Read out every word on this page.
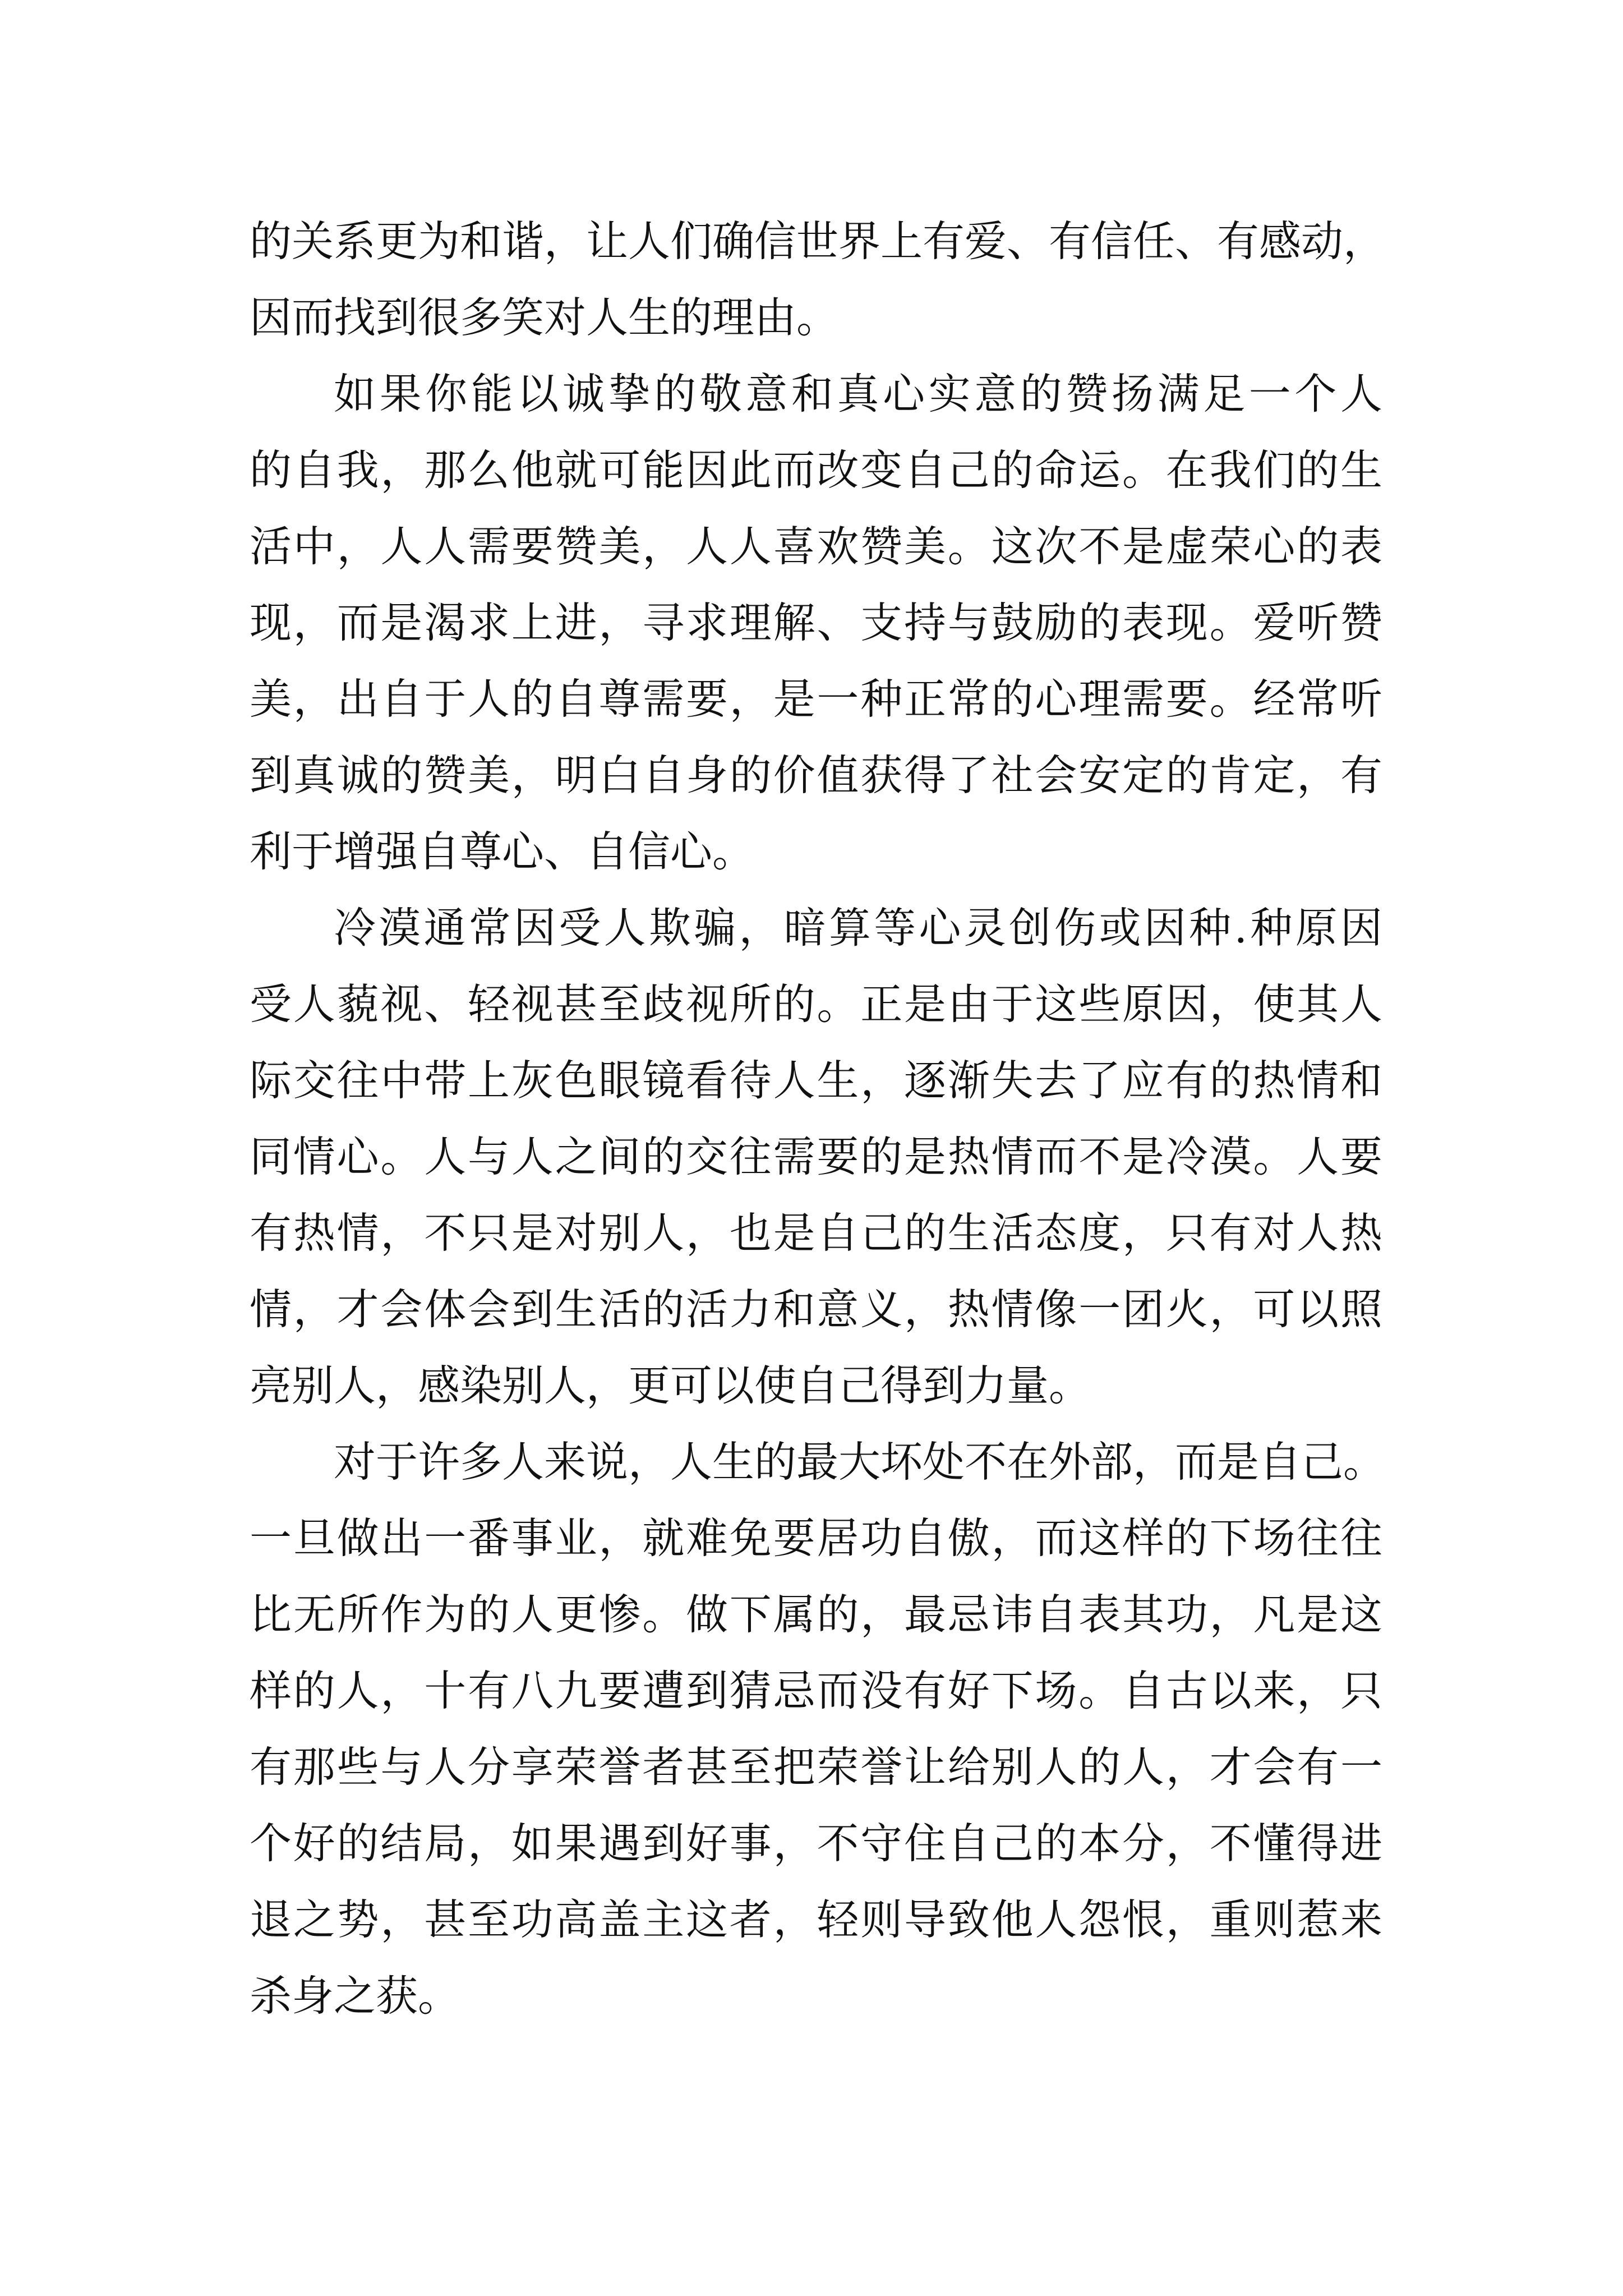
的关系更为和谐，让人们确信世界上有爱、有信任、有感动，
因而找到很多笑对人生的理由。
如果你能以诚挚的敬意和真心实意的赞扬满足一个人
的自我，那么他就可能因此而改变自己的命运。在我们的生
活中，人人需要赞美，人人喜欢赞美。这次不是虚荣心的表
现，而是渴求上进，寻求理解、支持与鼓励的表现。爱听赞
美，出自于人的自尊需要，是一种正常的心理需要。经常听
到真诚的赞美，明白自身的价值获得了社会安定的肯定，有
利于增强自尊心、自信心。
冷漠通常因受人欺骗，暗算等心灵创伤或因种.种原因
受人藐视、轻视甚至歧视所的。正是由于这些原因，使其人
际交往中带上灰色眼镜看待人生，逐渐失去了应有的热情和
同情心。人与人之间的交往需要的是热情而不是冷漠。人要
有热情，不只是对别人，也是自己的生活态度，只有对人热
情，才会体会到生活的活力和意义，热情像一团火，可以照
亮别人，感染别人，更可以使自己得到力量。
对于许多人来说，人生的最大坏处不在外部，而是自己。
一旦做出一番事业，就难免要居功自傲，而这样的下场往往
比无所作为的人更惨。做下属的，最忌讳自表其功，凡是这
样的人，十有八九要遭到猜忌而没有好下场。自古以来，只
有那些与人分享荣誉者甚至把荣誉让给别人的人，才会有一
个好的结局，如果遇到好事，不守住自己的本分，不懂得进
退之势，甚至功高盖主这者，轻则导致他人怨恨，重则惹来
杀身之获。
